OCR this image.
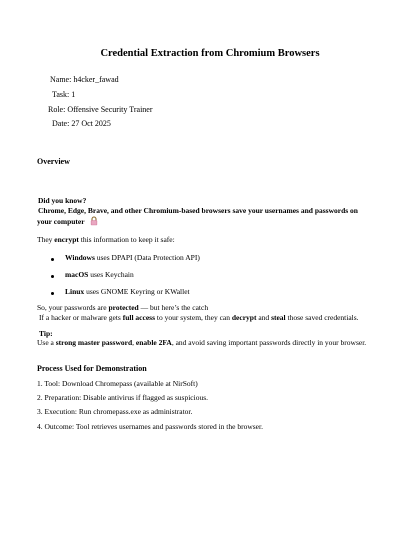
Credential Extraction from Chromium Browsers
Name: h4cker_fawad
Task: 1
Role: Offensive Security Trainer
Date: 27 Oct 2025
Overview
Did you know?
Chrome, Edge, Brave, and other Chromium-based browsers save your usernames and passwords on
your computer
They encrypt this information to keep it safe:
Windows uses DPAPI (Data Protection API)
macOS uses Keychain
Linux uses GNOME Keyring or KWallet
So, your passwords are protected — but here’s the catch
If a hacker or malware gets full access to your system, they can decrypt and steal those saved credentials.
Tip:
Use a strong master password, enable 2FA, and avoid saving important passwords directly in your browser.
Process Used for Demonstration
1. Tool: Download Chromepass (available at NirSoft)
2. Preparation: Disable antivirus if flagged as suspicious.
3. Execution: Run chromepass.exe as administrator.
4. Outcome: Tool retrieves usernames and passwords stored in the browser.
